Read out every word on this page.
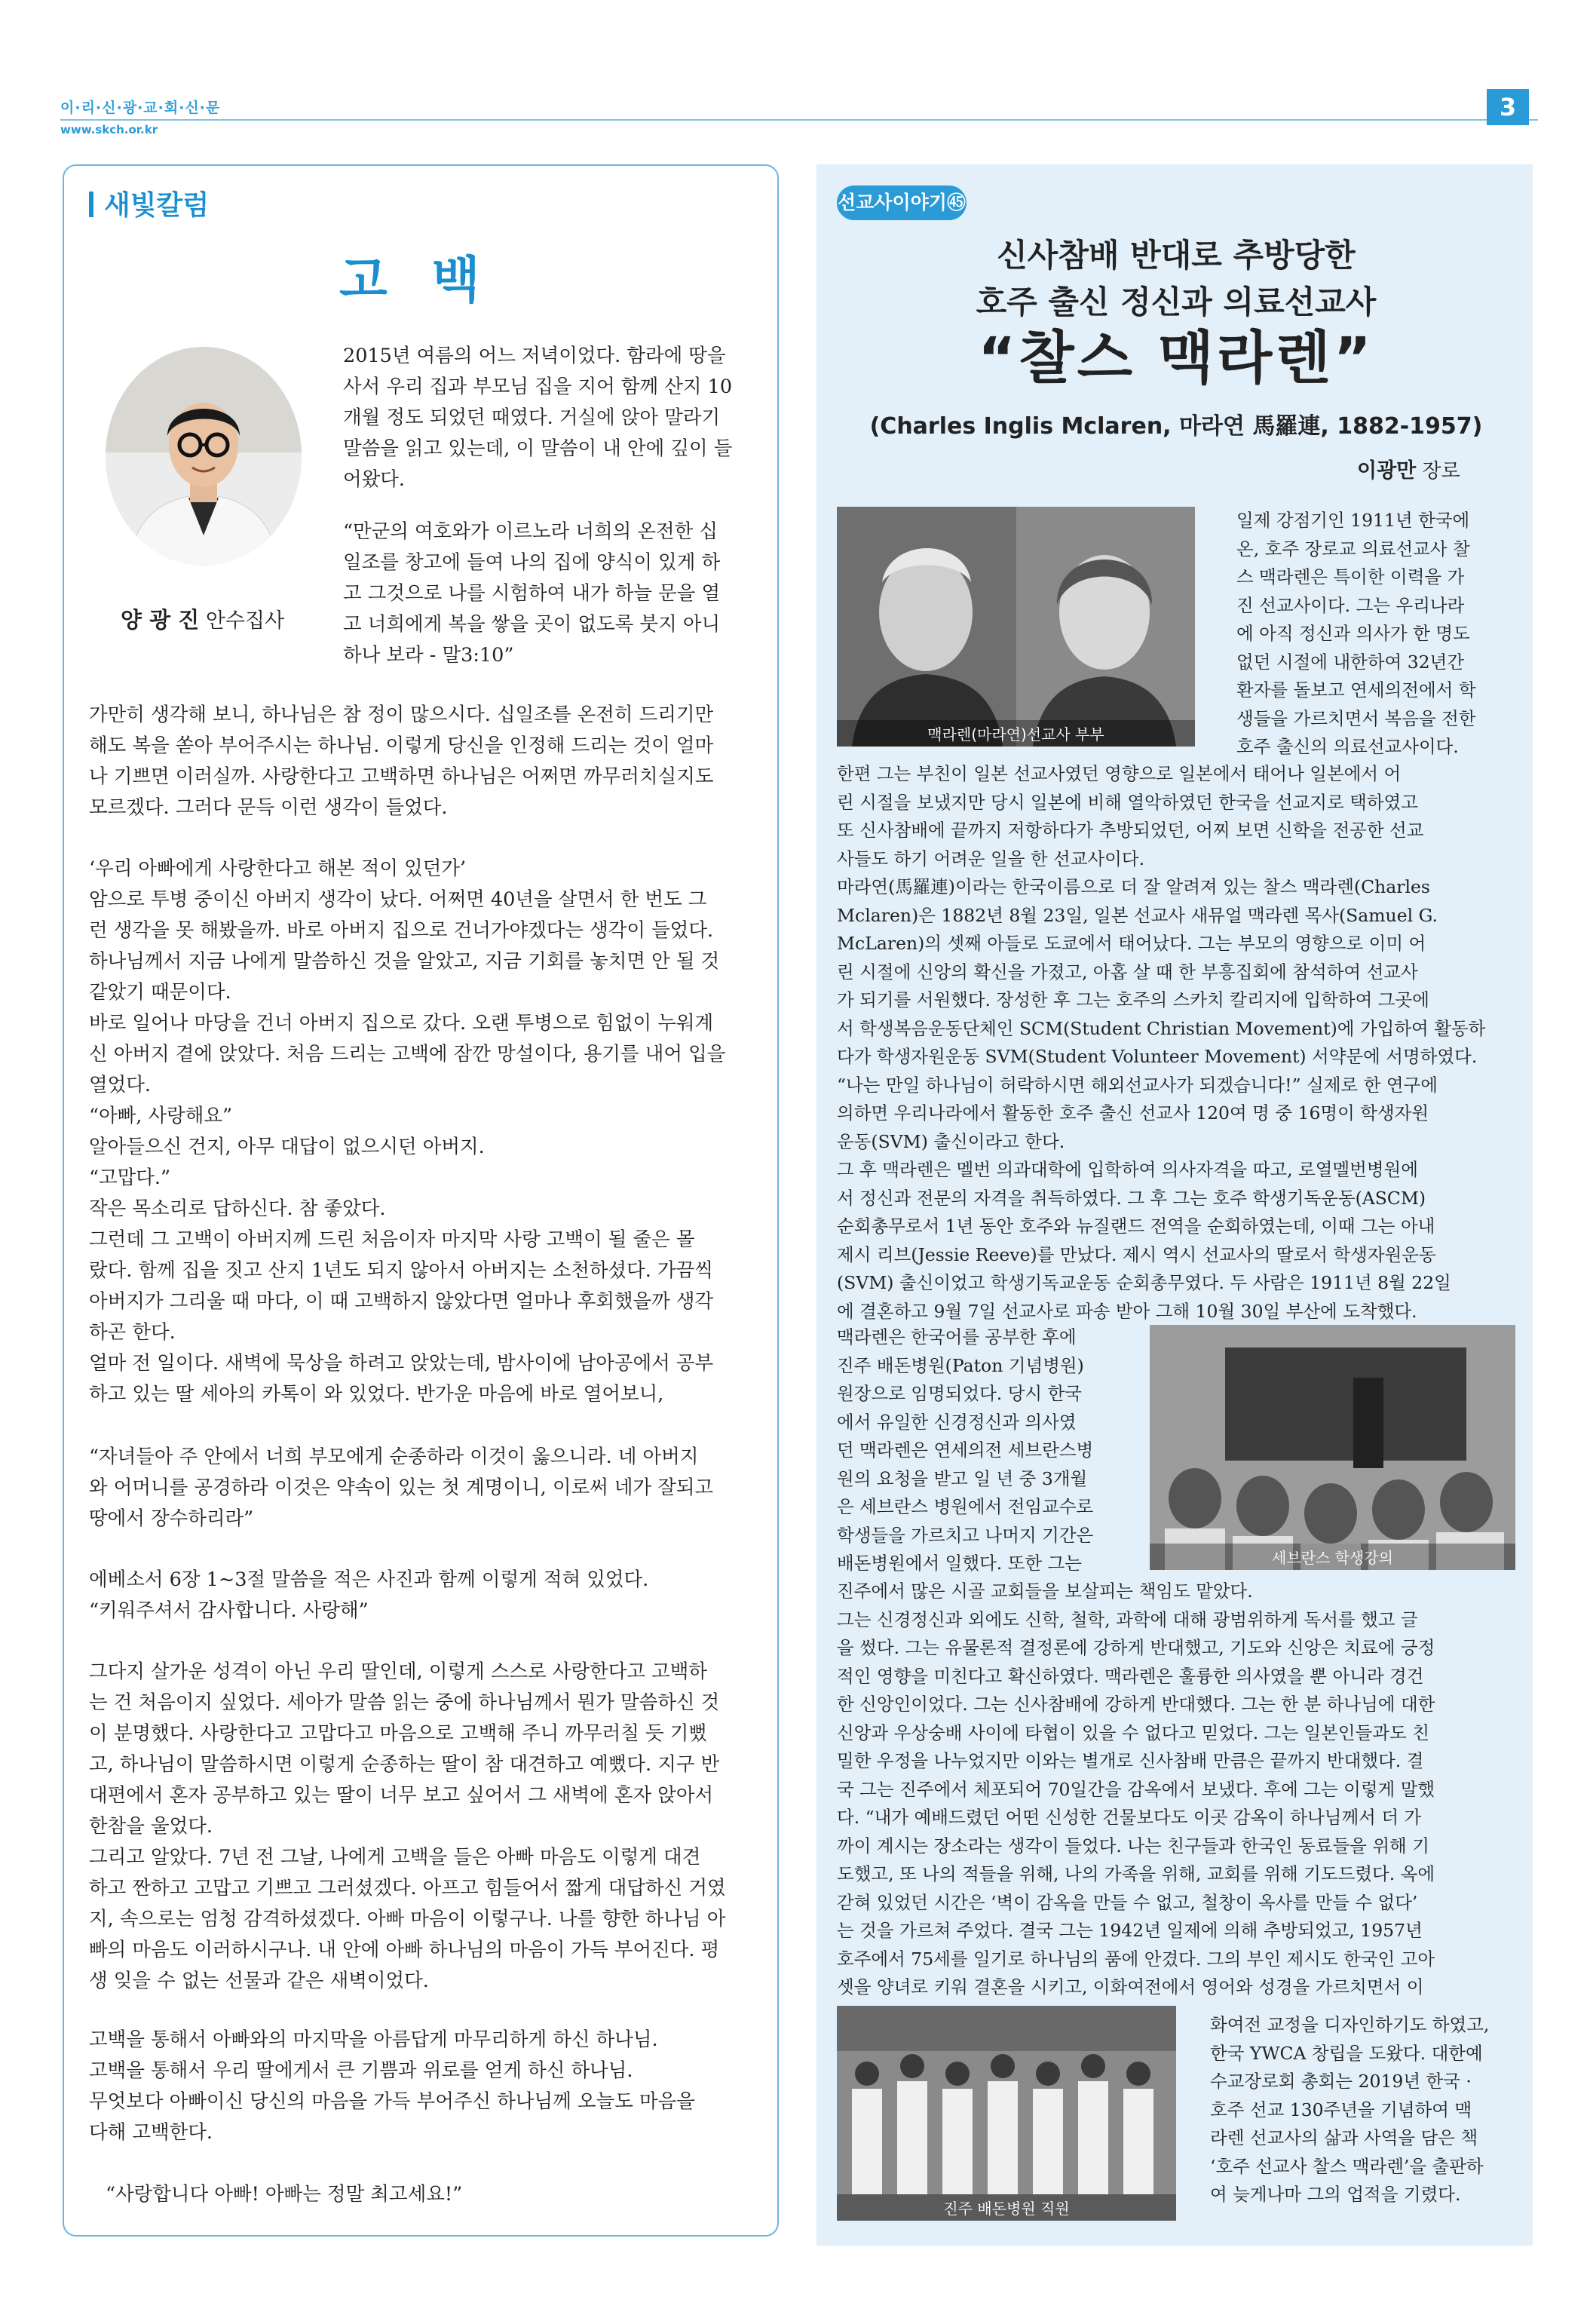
이·리·신·광·교·회·신·문
www.skch.or.kr
3
새빛칼럼
고 백
양 광 진 안수집사
2015년 여름의 어느 저녁이었다. 함라에 땅을
사서 우리 집과 부모님 집을 지어 함께 산지 10
개월 정도 되었던 때였다. 거실에 앉아 말라기
말씀을 읽고 있는데, 이 말씀이 내 안에 깊이 들
어왔다.
“만군의 여호와가 이르노라 너희의 온전한 십
일조를 창고에 들여 나의 집에 양식이 있게 하
고 그것으로 나를 시험하여 내가 하늘 문을 열
고 너희에게 복을 쌓을 곳이 없도록 붓지 아니
하나 보라 - 말3:10”
가만히 생각해 보니, 하나님은 참 정이 많으시다. 십일조를 온전히 드리기만
해도 복을 쏟아 부어주시는 하나님. 이렇게 당신을 인정해 드리는 것이 얼마
나 기쁘면 이러실까. 사랑한다고 고백하면 하나님은 어쩌면 까무러치실지도
모르겠다. 그러다 문득 이런 생각이 들었다.
‘우리 아빠에게 사랑한다고 해본 적이 있던가’
암으로 투병 중이신 아버지 생각이 났다. 어쩌면 40년을 살면서 한 번도 그
런 생각을 못 해봤을까. 바로 아버지 집으로 건너가야겠다는 생각이 들었다.
하나님께서 지금 나에게 말씀하신 것을 알았고, 지금 기회를 놓치면 안 될 것
같았기 때문이다.
바로 일어나 마당을 건너 아버지 집으로 갔다. 오랜 투병으로 힘없이 누워계
신 아버지 곁에 앉았다. 처음 드리는 고백에 잠깐 망설이다, 용기를 내어 입을
열었다.
“아빠, 사랑해요”
알아들으신 건지, 아무 대답이 없으시던 아버지.
“고맙다.”
작은 목소리로 답하신다. 참 좋았다.
그런데 그 고백이 아버지께 드린 처음이자 마지막 사랑 고백이 될 줄은 몰
랐다. 함께 집을 짓고 산지 1년도 되지 않아서 아버지는 소천하셨다. 가끔씩
아버지가 그리울 때 마다, 이 때 고백하지 않았다면 얼마나 후회했을까 생각
하곤 한다.
얼마 전 일이다. 새벽에 묵상을 하려고 앉았는데, 밤사이에 남아공에서 공부
하고 있는 딸 세아의 카톡이 와 있었다. 반가운 마음에 바로 열어보니,
“자녀들아 주 안에서 너희 부모에게 순종하라 이것이 옳으니라. 네 아버지
와 어머니를 공경하라 이것은 약속이 있는 첫 계명이니, 이로써 네가 잘되고
땅에서 장수하리라”
에베소서 6장 1~3절 말씀을 적은 사진과 함께 이렇게 적혀 있었다.
“키워주셔서 감사합니다. 사랑해”
그다지 살가운 성격이 아닌 우리 딸인데, 이렇게 스스로 사랑한다고 고백하
는 건 처음이지 싶었다. 세아가 말씀 읽는 중에 하나님께서 뭔가 말씀하신 것
이 분명했다. 사랑한다고 고맙다고 마음으로 고백해 주니 까무러칠 듯 기뻤
고, 하나님이 말씀하시면 이렇게 순종하는 딸이 참 대견하고 예뻤다. 지구 반
대편에서 혼자 공부하고 있는 딸이 너무 보고 싶어서 그 새벽에 혼자 앉아서
한참을 울었다.
그리고 알았다. 7년 전 그날, 나에게 고백을 들은 아빠 마음도 이렇게 대견
하고 짠하고 고맙고 기쁘고 그러셨겠다. 아프고 힘들어서 짧게 대답하신 거였
지, 속으로는 엄청 감격하셨겠다. 아빠 마음이 이렇구나. 나를 향한 하나님 아
빠의 마음도 이러하시구나. 내 안에 아빠 하나님의 마음이 가득 부어진다. 평
생 잊을 수 없는 선물과 같은 새벽이었다.
고백을 통해서 아빠와의 마지막을 아름답게 마무리하게 하신 하나님.
고백을 통해서 우리 딸에게서 큰 기쁨과 위로를 얻게 하신 하나님.
무엇보다 아빠이신 당신의 마음을 가득 부어주신 하나님께 오늘도 마음을
다해 고백한다.
“사랑합니다 아빠! 아빠는 정말 최고세요!”
선교사이야기㊺
신사참배 반대로 추방당한
호주 출신 정신과 의료선교사
“찰스 맥라렌”
(Charles Inglis Mclaren, 마라연 馬羅連, 1882-1957)
이광만 장로
맥라렌(마라연)선교사 부부
일제 강점기인 1911년 한국에
온, 호주 장로교 의료선교사 찰
스 맥라렌은 특이한 이력을 가
진 선교사이다. 그는 우리나라
에 아직 정신과 의사가 한 명도
없던 시절에 내한하여 32년간
환자를 돌보고 연세의전에서 학
생들을 가르치면서 복음을 전한
호주 출신의 의료선교사이다.
한편 그는 부친이 일본 선교사였던 영향으로 일본에서 태어나 일본에서 어
린 시절을 보냈지만 당시 일본에 비해 열악하였던 한국을 선교지로 택하였고
또 신사참배에 끝까지 저항하다가 추방되었던, 어찌 보면 신학을 전공한 선교
사들도 하기 어려운 일을 한 선교사이다.
마라연(馬羅連)이라는 한국이름으로 더 잘 알려져 있는 찰스 맥라렌(Charles
Mclaren)은 1882년 8월 23일, 일본 선교사 새뮤얼 맥라렌 목사(Samuel G.
McLaren)의 셋째 아들로 도쿄에서 태어났다. 그는 부모의 영향으로 이미 어
린 시절에 신앙의 확신을 가졌고, 아홉 살 때 한 부흥집회에 참석하여 선교사
가 되기를 서원했다. 장성한 후 그는 호주의 스카치 칼리지에 입학하여 그곳에
서 학생복음운동단체인 SCM(Student Christian Movement)에 가입하여 활동하
다가 학생자원운동 SVM(Student Volunteer Movement) 서약문에 서명하였다.
“나는 만일 하나님이 허락하시면 해외선교사가 되겠습니다!” 실제로 한 연구에
의하면 우리나라에서 활동한 호주 출신 선교사 120여 명 중 16명이 학생자원
운동(SVM) 출신이라고 한다.
그 후 맥라렌은 멜번 의과대학에 입학하여 의사자격을 따고, 로열멜번병원에
서 정신과 전문의 자격을 취득하였다. 그 후 그는 호주 학생기독운동(ASCM)
순회총무로서 1년 동안 호주와 뉴질랜드 전역을 순회하였는데, 이때 그는 아내
제시 리브(Jessie Reeve)를 만났다. 제시 역시 선교사의 딸로서 학생자원운동
(SVM) 출신이었고 학생기독교운동 순회총무였다. 두 사람은 1911년 8월 22일
에 결혼하고 9월 7일 선교사로 파송 받아 그해 10월 30일 부산에 도착했다.
맥라렌은 한국어를 공부한 후에
진주 배돈병원(Paton 기념병원)
원장으로 임명되었다. 당시 한국
에서 유일한 신경정신과 의사였
던 맥라렌은 연세의전 세브란스병
원의 요청을 받고 일 년 중 3개월
은 세브란스 병원에서 전임교수로
학생들을 가르치고 나머지 기간은
배돈병원에서 일했다. 또한 그는	세브란스 학생강의
진주에서 많은 시골 교회들을 보살피는 책임도 맡았다.
그는 신경정신과 외에도 신학, 철학, 과학에 대해 광범위하게 독서를 했고 글
을 썼다. 그는 유물론적 결정론에 강하게 반대했고, 기도와 신앙은 치료에 긍정
적인 영향을 미친다고 확신하였다. 맥라렌은 훌륭한 의사였을 뿐 아니라 경건
한 신앙인이었다. 그는 신사참배에 강하게 반대했다. 그는 한 분 하나님에 대한
신앙과 우상숭배 사이에 타협이 있을 수 없다고 믿었다. 그는 일본인들과도 친
밀한 우정을 나누었지만 이와는 별개로 신사참배 만큼은 끝까지 반대했다. 결
국 그는 진주에서 체포되어 70일간을 감옥에서 보냈다. 후에 그는 이렇게 말했
다. “내가 예배드렸던 어떤 신성한 건물보다도 이곳 감옥이 하나님께서 더 가
까이 계시는 장소라는 생각이 들었다. 나는 친구들과 한국인 동료들을 위해 기
도했고, 또 나의 적들을 위해, 나의 가족을 위해, 교회를 위해 기도드렸다. 옥에
갇혀 있었던 시간은 ‘벽이 감옥을 만들 수 없고, 철창이 옥사를 만들 수 없다’
는 것을 가르쳐 주었다. 결국 그는 1942년 일제에 의해 추방되었고, 1957년
호주에서 75세를 일기로 하나님의 품에 안겼다. 그의 부인 제시도 한국인 고아
셋을 양녀로 키워 결혼을 시키고, 이화여전에서 영어와 성경을 가르치면서 이
진주 배돈병원 직원
화여전 교정을 디자인하기도 하였고,
한국 YWCA 창립을 도왔다. 대한예
수교장로회 총회는 2019년 한국 ·
호주 선교 130주년을 기념하여 맥
라렌 선교사의 삶과 사역을 담은 책
‘호주 선교사 찰스 맥라렌’을 출판하
여 늦게나마 그의 업적을 기렸다.
